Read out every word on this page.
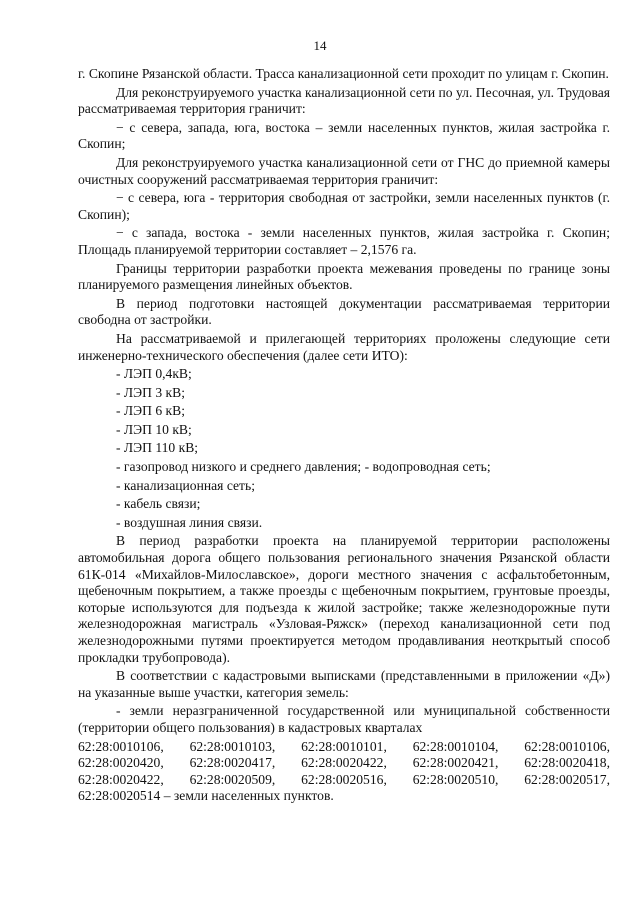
14

г. Скопине Рязанской области. Трасса канализационной сети проходит по улицам г. Скопин.

Для реконструируемого участка канализационной сети по ул. Песочная, ул. Трудовая рассматриваемая территория граничит:

− с севера, запада, юга, востока – земли населенных пунктов, жилая застройка г. Скопин;

Для реконструируемого участка канализационной сети от ГНС до приемной камеры очистных сооружений рассматриваемая территория граничит:

− с севера, юга - территория свободная от застройки, земли населенных пунктов (г. Скопин);

− с запада, востока - земли населенных пунктов, жилая застройка г. Скопин; Площадь планируемой территории составляет – 2,1576 га.

Границы территории разработки проекта межевания проведены по границе зоны планируемого размещения линейных объектов.

В период подготовки настоящей документации рассматриваемая территории свободна от застройки.

На рассматриваемой и прилегающей территориях проложены следующие сети инженерно-технического обеспечения (далее сети ИТО):

- ЛЭП 0,4кВ;

- ЛЭП 3 кВ;

- ЛЭП 6 кВ;

- ЛЭП 10 кВ;

- ЛЭП 110 кВ;

- газопровод низкого и среднего давления; - водопроводная сеть;

- канализационная сеть;

- кабель связи;

- воздушная линия связи.

В период разработки проекта на планируемой территории расположены автомобильная дорога общего пользования регионального значения Рязанской области 61К-014 «Михайлов-Милославское», дороги местного значения с асфальтобетонным, щебеночным покрытием, а также проезды с щебеночным покрытием, грунтовые проезды, которые используются для подъезда к жилой застройке; также железнодорожные пути железнодорожная магистраль «Узловая-Ряжск» (переход канализационной сети под железнодорожными путями проектируется методом продавливания неоткрытый способ прокладки трубопровода).

В соответствии с кадастровыми выписками (представленными в приложении «Д») на указанные выше участки, категория земель:

- земли неразграниченной государственной или муниципальной собственности (территории общего пользования) в кадастровых кварталах

62:28:0010106, 62:28:0010103, 62:28:0010101, 62:28:0010104, 62:28:0010106,
62:28:0020420, 62:28:0020417, 62:28:0020422, 62:28:0020421, 62:28:0020418,
62:28:0020422, 62:28:0020509, 62:28:0020516, 62:28:0020510, 62:28:0020517,
62:28:0020514 – земли населенных пунктов.
